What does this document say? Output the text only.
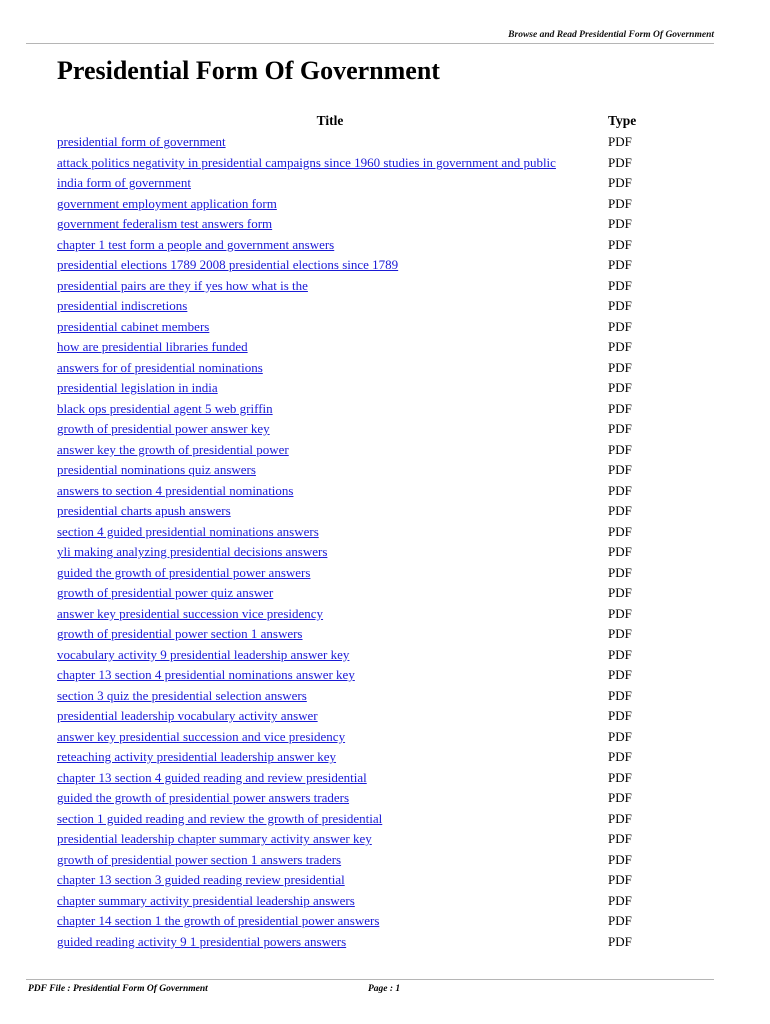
Browse and Read Presidential Form Of Government
Presidential Form Of Government
Title	Type
presidential form of government	PDF
attack politics negativity in presidential campaigns since 1960 studies in government and public	PDF
india form of government	PDF
government employment application form	PDF
government federalism test answers form	PDF
chapter 1 test form a people and government answers	PDF
presidential elections 1789 2008 presidential elections since 1789	PDF
presidential pairs are they if yes how what is the	PDF
presidential indiscretions	PDF
presidential cabinet members	PDF
how are presidential libraries funded	PDF
answers for of presidential nominations	PDF
presidential legislation in india	PDF
black ops presidential agent 5 web griffin	PDF
growth of presidential power answer key	PDF
answer key the growth of presidential power	PDF
presidential nominations quiz answers	PDF
answers to section 4 presidential nominations	PDF
presidential charts apush answers	PDF
section 4 guided presidential nominations answers	PDF
yli making analyzing presidential decisions answers	PDF
guided the growth of presidential power answers	PDF
growth of presidential power quiz answer	PDF
answer key presidential succession vice presidency	PDF
growth of presidential power section 1 answers	PDF
vocabulary activity 9 presidential leadership answer key	PDF
chapter 13 section 4 presidential nominations answer key	PDF
section 3 quiz the presidential selection answers	PDF
presidential leadership vocabulary activity answer	PDF
answer key presidential succession and vice presidency	PDF
reteaching activity presidential leadership answer key	PDF
chapter 13 section 4 guided reading and review presidential	PDF
guided the growth of presidential power answers traders	PDF
section 1 guided reading and review the growth of presidential	PDF
presidential leadership chapter summary activity answer key	PDF
growth of presidential power section 1 answers traders	PDF
chapter 13 section 3 guided reading review presidential	PDF
chapter summary activity presidential leadership answers	PDF
chapter 14 section 1 the growth of presidential power answers	PDF
guided reading activity 9 1 presidential powers answers	PDF
PDF File : Presidential Form Of Government	Page : 1
